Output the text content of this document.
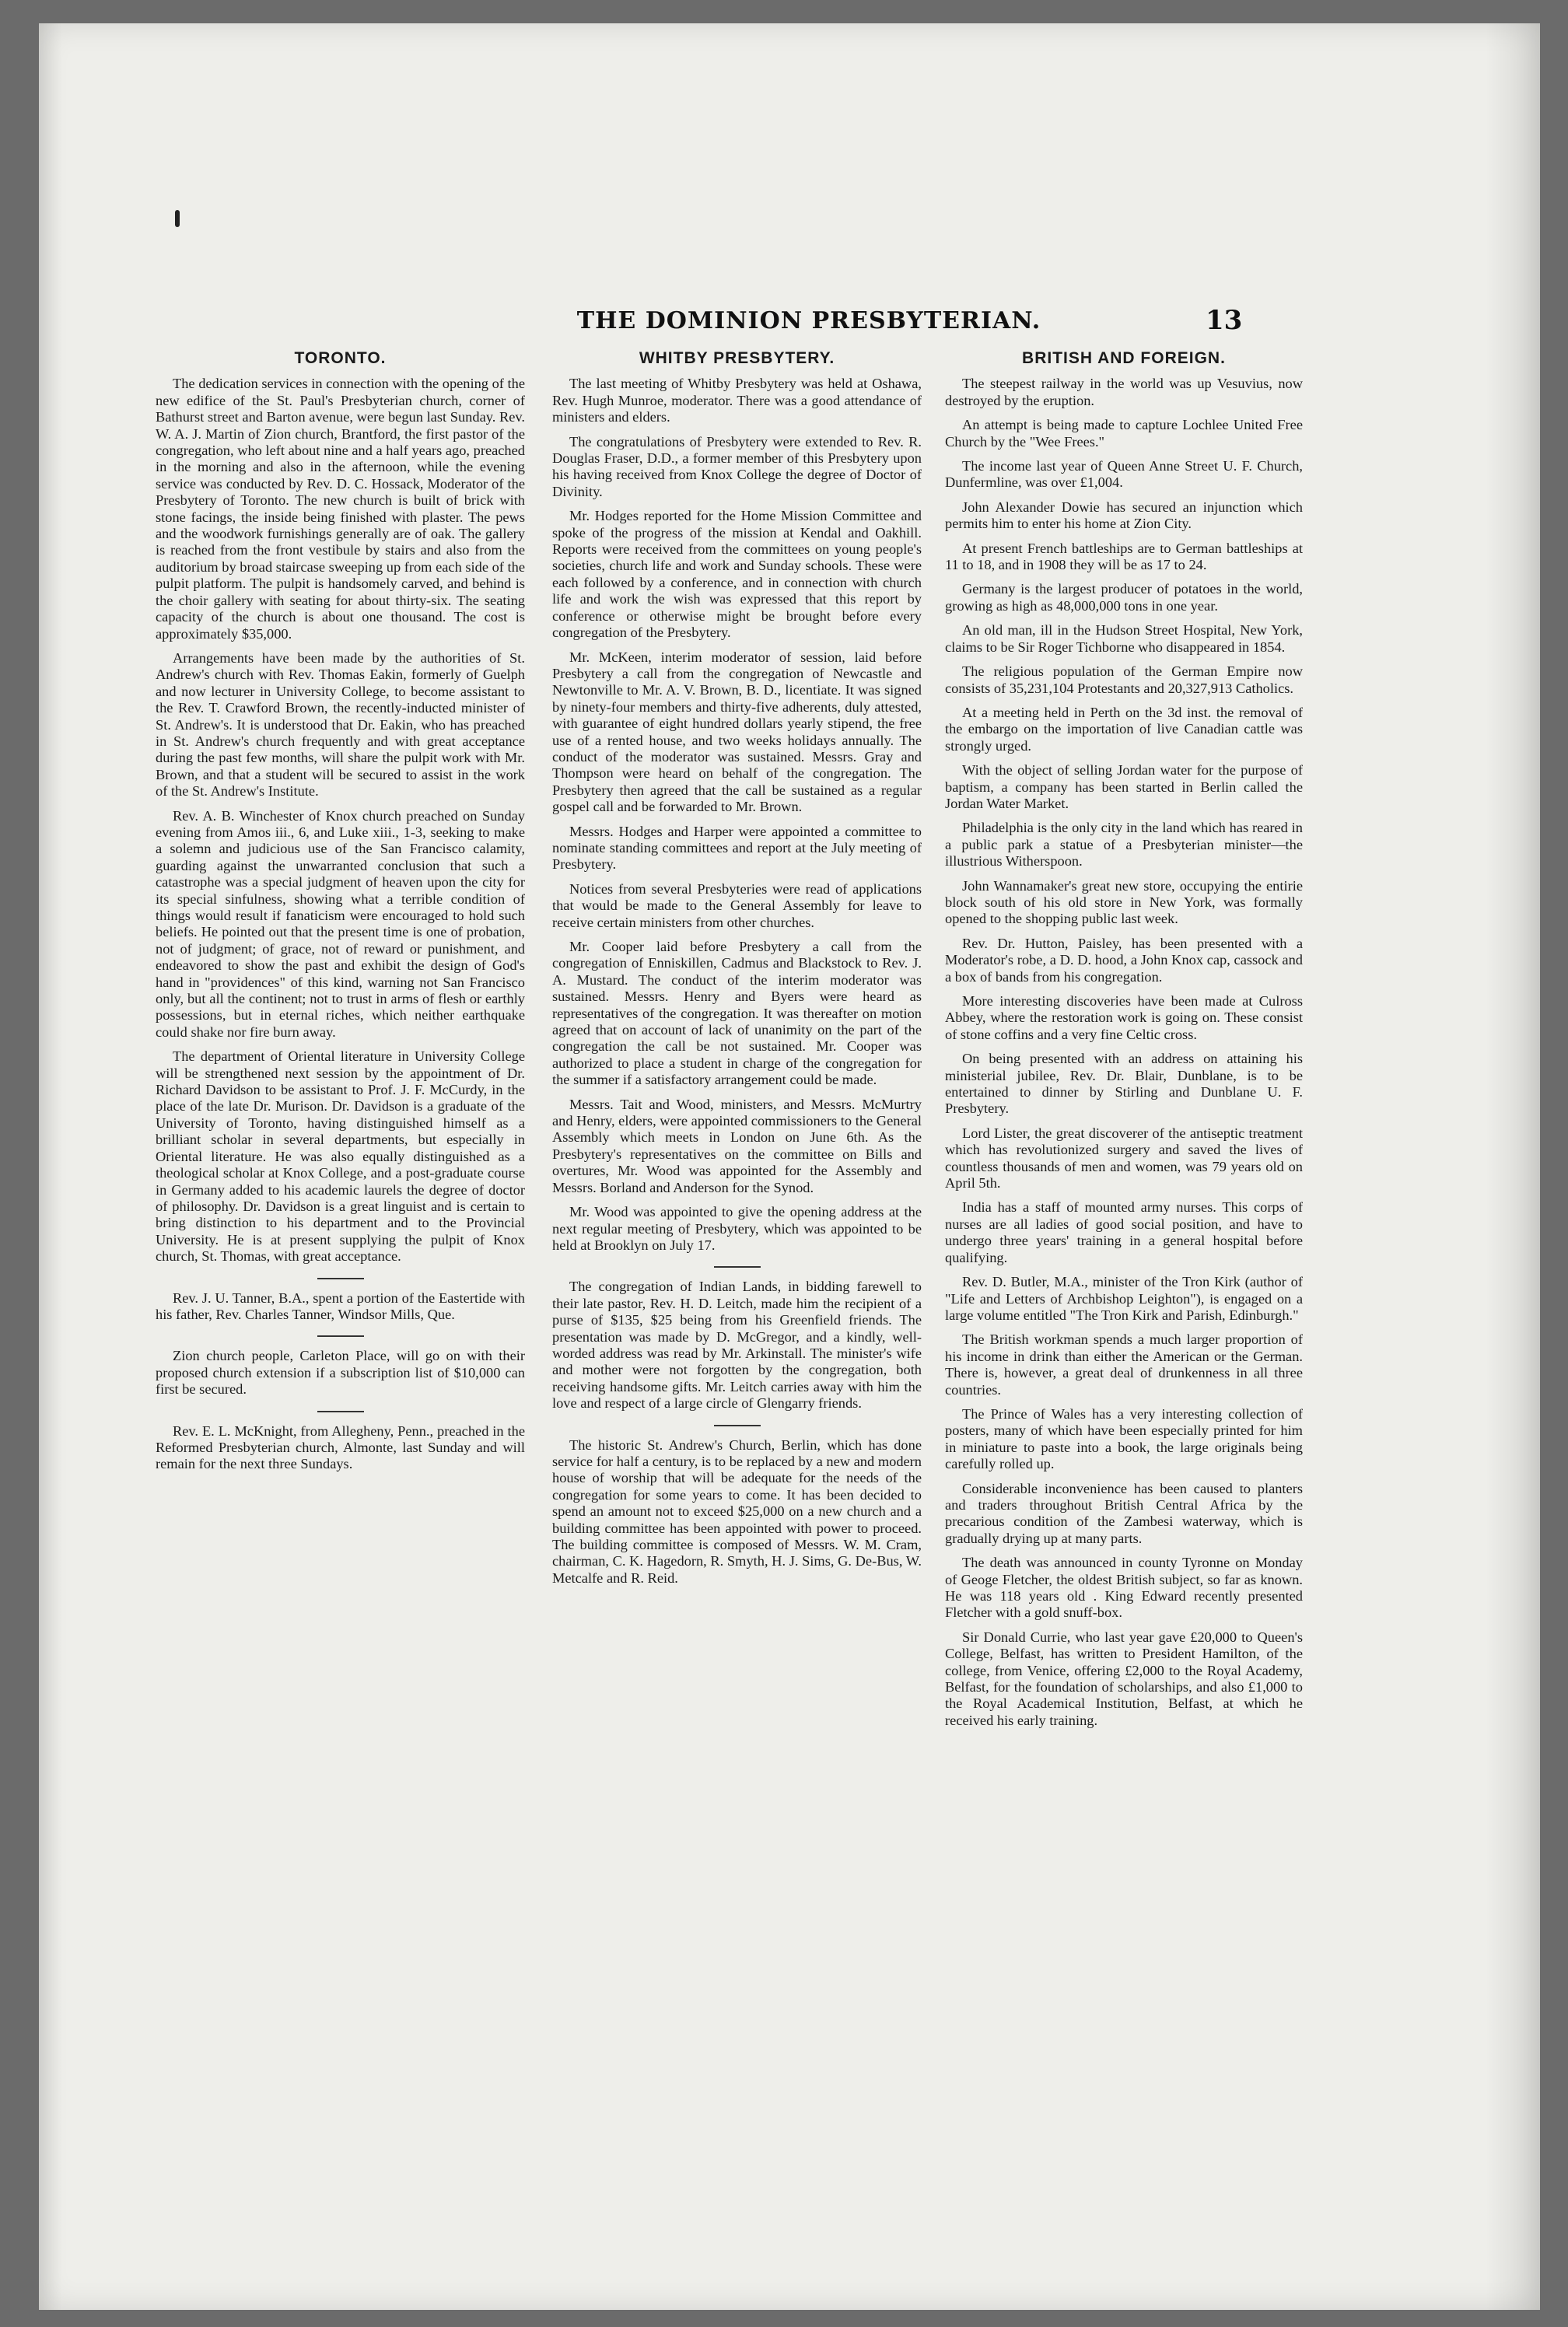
THE DOMINION PRESBYTERIAN.	13
TORONTO.

The dedication services in connection with the opening of the new edifice of the St. Paul's Presbyterian church, corner of Bathurst street and Barton avenue, were begun last Sunday. Rev. W. A. J. Martin of Zion church, Brantford, the first pastor of the congregation, who left about nine and a half years ago, preached in the morning and also in the afternoon, while the evening service was conducted by Rev. D. C. Hossack, Moderator of the Presbytery of Toronto. The new church is built of brick with stone facings, the inside being finished with plaster. The pews and the woodwork furnishings generally are of oak. The gallery is reached from the front vestibule by stairs and also from the auditorium by broad staircase sweeping up from each side of the pulpit platform. The pulpit is handsomely carved, and behind is the choir gallery with seating for about thirty-six. The seating capacity of the church is about one thousand. The cost is approximately $35,000.

Arrangements have been made by the authorities of St. Andrew's church with Rev. Thomas Eakin, formerly of Guelph and now lecturer in University College, to become assistant to the Rev. T. Crawford Brown, the recently-inducted minister of St. Andrew's. It is understood that Dr. Eakin, who has preached in St. Andrew's church frequently and with great acceptance during the past few months, will share the pulpit work with Mr. Brown, and that a student will be secured to assist in the work of the St. Andrew's Institute.

Rev. A. B. Winchester of Knox church preached on Sunday evening from Amos iii., 6, and Luke xiii., 1-3, seeking to make a solemn and judicious use of the San Francisco calamity, guarding against the unwarranted conclusion that such a catastrophe was a special judgment of heaven upon the city for its special sinfulness, showing what a terrible condition of things would result if fanaticism were encouraged to hold such beliefs. He pointed out that the present time is one of probation, not of judgment; of grace, not of reward or punishment, and endeavored to show the past and exhibit the design of God's hand in "providences" of this kind, warning not San Francisco only, but all the continent; not to trust in arms of flesh or earthly possessions, but in eternal riches, which neither earthquake could shake nor fire burn away.

The department of Oriental literature in University College will be strengthened next session by the appointment of Dr. Richard Davidson to be assistant to Prof. J. F. McCurdy, in the place of the late Dr. Murison. Dr. Davidson is a graduate of the University of Toronto, having distinguished himself as a brilliant scholar in several departments, but especially in Oriental literature. He was also equally distinguished as a theological scholar at Knox College, and a post-graduate course in Germany added to his academic laurels the degree of doctor of philosophy. Dr. Davidson is a great linguist and is certain to bring distinction to his department and to the Provincial University. He is at present supplying the pulpit of Knox church, St. Thomas, with great acceptance.

Rev. J. U. Tanner, B.A., spent a portion of the Eastertide with his father, Rev. Charles Tanner, Windsor Mills, Que.

Zion church people, Carleton Place, will go on with their proposed church extension if a subscription list of $10,000 can first be secured.

Rev. E. L. McKnight, from Allegheny, Penn., preached in the Reformed Presbyterian church, Almonte, last Sunday and will remain for the next three Sundays.

WHITBY PRESBYTERY.

The last meeting of Whitby Presbytery was held at Oshawa, Rev. Hugh Munroe, moderator. There was a good attendance of ministers and elders.

The congratulations of Presbytery were extended to Rev. R. Douglas Fraser, D.D., a former member of this Presbytery upon his having received from Knox College the degree of Doctor of Divinity.

Mr. Hodges reported for the Home Mission Committee and spoke of the progress of the mission at Kendal and Oakhill. Reports were received from the committees on young people's societies, church life and work and Sunday schools. These were each followed by a conference, and in connection with church life and work the wish was expressed that this report by conference or otherwise might be brought before every congregation of the Presbytery.

Mr. McKeen, interim moderator of session, laid before Presbytery a call from the congregation of Newcastle and Newtonville to Mr. A. V. Brown, B. D., licentiate. It was signed by ninety-four members and thirty-five adherents, duly attested, with guarantee of eight hundred dollars yearly stipend, the free use of a rented house, and two weeks holidays annually. The conduct of the moderator was sustained. Messrs. Gray and Thompson were heard on behalf of the congregation. The Presbytery then agreed that the call be sustained as a regular gospel call and be forwarded to Mr. Brown.

Messrs. Hodges and Harper were appointed a committee to nominate standing committees and report at the July meeting of Presbytery.

Notices from several Presbyteries were read of applications that would be made to the General Assembly for leave to receive certain ministers from other churches.

Mr. Cooper laid before Presbytery a call from the congregation of Enniskillen, Cadmus and Blackstock to Rev. J. A. Mustard. The conduct of the interim moderator was sustained. Messrs. Henry and Byers were heard as representatives of the congregation. It was thereafter on motion agreed that on account of lack of unanimity on the part of the congregation the call be not sustained. Mr. Cooper was authorized to place a student in charge of the congregation for the summer if a satisfactory arrangement could be made.

Messrs. Tait and Wood, ministers, and Messrs. McMurtry and Henry, elders, were appointed commissioners to the General Assembly which meets in London on June 6th. As the Presbytery's representatives on the committee on Bills and overtures, Mr. Wood was appointed for the Assembly and Messrs. Borland and Anderson for the Synod.

Mr. Wood was appointed to give the opening address at the next regular meeting of Presbytery, which was appointed to be held at Brooklyn on July 17.

The congregation of Indian Lands, in bidding farewell to their late pastor, Rev. H. D. Leitch, made him the recipient of a purse of $135, $25 being from his Greenfield friends. The presentation was made by D. McGregor, and a kindly, well-worded address was read by Mr. Arkinstall. The minister's wife and mother were not forgotten by the congregation, both receiving handsome gifts. Mr. Leitch carries away with him the love and respect of a large circle of Glengarry friends.

The historic St. Andrew's Church, Berlin, which has done service for half a century, is to be replaced by a new and modern house of worship that will be adequate for the needs of the congregation for some years to come. It has been decided to spend an amount not to exceed $25,000 on a new church and a building committee has been appointed with power to proceed. The building committee is composed of Messrs. W. M. Cram, chairman, C. K. Hagedorn, R. Smyth, H. J. Sims, G. De-Bus, W. Metcalfe and R. Reid.

BRITISH AND FOREIGN.

The steepest railway in the world was up Vesuvius, now destroyed by the eruption.

An attempt is being made to capture Lochlee United Free Church by the "Wee Frees."

The income last year of Queen Anne Street U. F. Church, Dunfermline, was over £1,004.

John Alexander Dowie has secured an injunction which permits him to enter his home at Zion City.

At present French battleships are to German battleships at 11 to 18, and in 1908 they will be as 17 to 24.

Germany is the largest producer of potatoes in the world, growing as high as 48,000,000 tons in one year.

An old man, ill in the Hudson Street Hospital, New York, claims to be Sir Roger Tichborne who disappeared in 1854.

The religious population of the German Empire now consists of 35,231,104 Protestants and 20,327,913 Catholics.

At a meeting held in Perth on the 3d inst. the removal of the embargo on the importation of live Canadian cattle was strongly urged.

With the object of selling Jordan water for the purpose of baptism, a company has been started in Berlin called the Jordan Water Market.

Philadelphia is the only city in the land which has reared in a public park a statue of a Presbyterian minister—the illustrious Witherspoon.

John Wannamaker's great new store, occupying the entirie block south of his old store in New York, was formally opened to the shopping public last week.

Rev. Dr. Hutton, Paisley, has been presented with a Moderator's robe, a D. D. hood, a John Knox cap, cassock and a box of bands from his congregation.

More interesting discoveries have been made at Culross Abbey, where the restoration work is going on. These consist of stone coffins and a very fine Celtic cross.

On being presented with an address on attaining his ministerial jubilee, Rev. Dr. Blair, Dunblane, is to be entertained to dinner by Stirling and Dunblane U. F. Presbytery.

Lord Lister, the great discoverer of the antiseptic treatment which has revolutionized surgery and saved the lives of countless thousands of men and women, was 79 years old on April 5th.

India has a staff of mounted army nurses. This corps of nurses are all ladies of good social position, and have to undergo three years' training in a general hospital before qualifying.

Rev. D. Butler, M.A., minister of the Tron Kirk (author of "Life and Letters of Archbishop Leighton"), is engaged on a large volume entitled "The Tron Kirk and Parish, Edinburgh."

The British workman spends a much larger proportion of his income in drink than either the American or the German. There is, however, a great deal of drunkenness in all three countries.

The Prince of Wales has a very interesting collection of posters, many of which have been especially printed for him in miniature to paste into a book, the large originals being carefully rolled up.

Considerable inconvenience has been caused to planters and traders throughout British Central Africa by the precarious condition of the Zambesi waterway, which is gradually drying up at many parts.

The death was announced in county Tyronne on Monday of Geoge Fletcher, the oldest British subject, so far as known. He was 118 years old . King Edward recently presented Fletcher with a gold snuff-box.

Sir Donald Currie, who last year gave £20,000 to Queen's College, Belfast, has written to President Hamilton, of the college, from Venice, offering £2,000 to the Royal Academy, Belfast, for the foundation of scholarships, and also £1,000 to the Royal Academical Institution, Belfast, at which he received his early training.
